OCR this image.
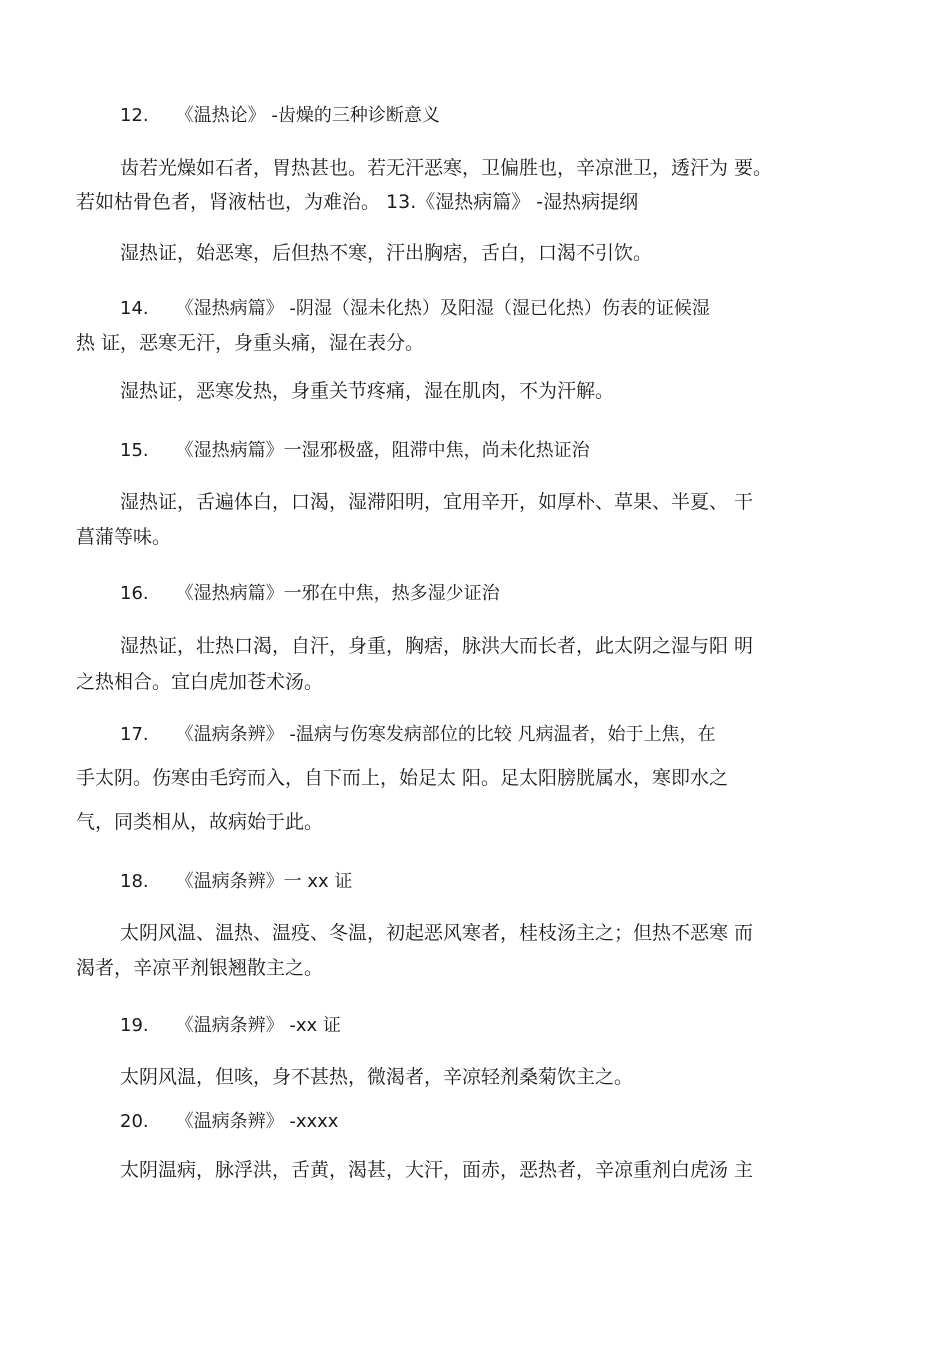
12.　　《温热论》 -齿燥的三种诊断意义
齿若光燥如石者，胃热甚也。若无汗恶寒，卫偏胜也，辛凉泄卫，透汗为 要。
若如枯骨色者，肾液枯也，为难治。 13.《湿热病篇》 -湿热病提纲
湿热证，始恶寒，后但热不寒，汗出胸痞，舌白，口渴不引饮。
14.　　《湿热病篇》 -阴湿（湿未化热）及阳湿（湿已化热）伤表的证候湿
热 证，恶寒无汗，身重头痛，湿在表分。
湿热证，恶寒发热，身重关节疼痛，湿在肌肉，不为汗解。
15.　　《湿热病篇》一湿邪极盛，阻滞中焦，尚未化热证治
湿热证，舌遍体白，口渴，湿滞阳明，宜用辛开，如厚朴、草果、半夏、 干
菖蒲等味。
16.　　《湿热病篇》一邪在中焦，热多湿少证治
湿热证，壮热口渴，自汗，身重，胸痞，脉洪大而长者，此太阴之湿与阳 明
之热相合。宜白虎加苍术汤。
17.　　《温病条辨》 -温病与伤寒发病部位的比较 凡病温者，始于上焦，在
手太阴。伤寒由毛窍而入，自下而上，始足太 阳。足太阳膀胱属水，寒即水之
气，同类相从，故病始于此。
18.　　《温病条辨》一 xx 证
太阴风温、温热、温疫、冬温，初起恶风寒者，桂枝汤主之；但热不恶寒 而
渴者，辛凉平剂银翘散主之。
19.　　《温病条辨》 -xx 证
太阴风温，但咳，身不甚热，微渴者，辛凉轻剂桑菊饮主之。
20.　　《温病条辨》 -xxxx
太阴温病，脉浮洪，舌黄，渴甚，大汗，面赤，恶热者，辛凉重剂白虎汤 主
